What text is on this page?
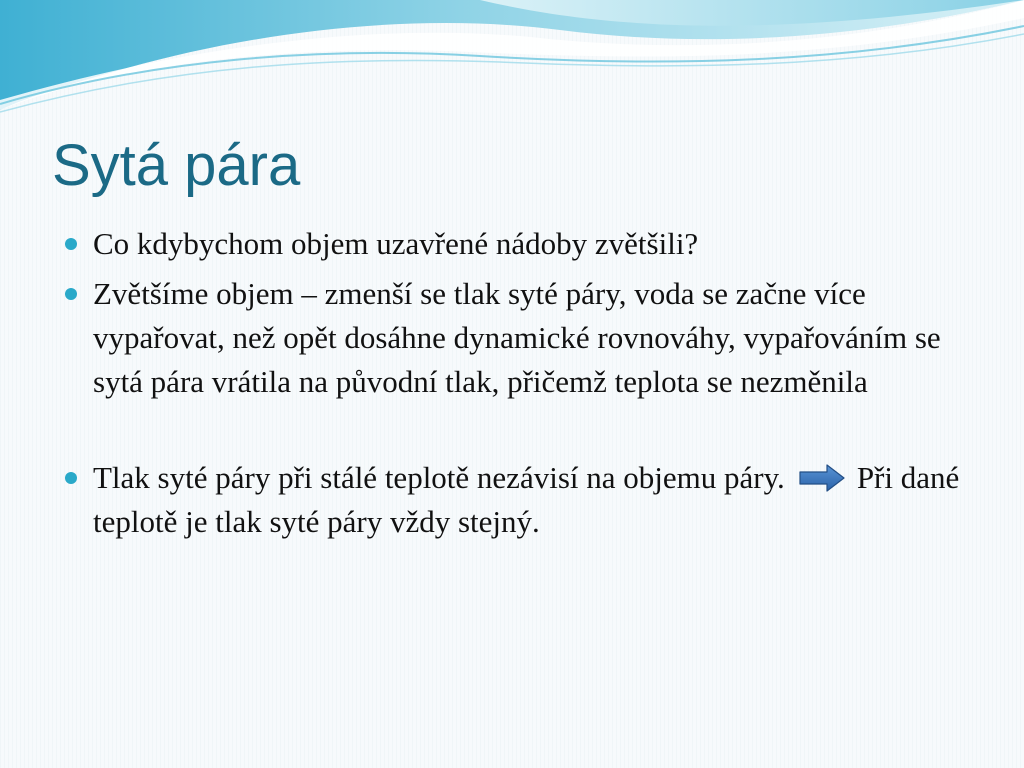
Sytá pára
Co kdybychom objem uzavřené nádoby zvětšili?
Zvětšíme objem – zmenší se tlak syté páry, voda se začne více vypařovat, než opět dosáhne dynamické rovnováhy, vypařováním se sytá pára vrátila na původní tlak, přičemž teplota se nezměnila
Tlak syté páry při stálé teplotě nezávisí na objemu páry. Při dané teplotě je tlak syté páry vždy stejný.
